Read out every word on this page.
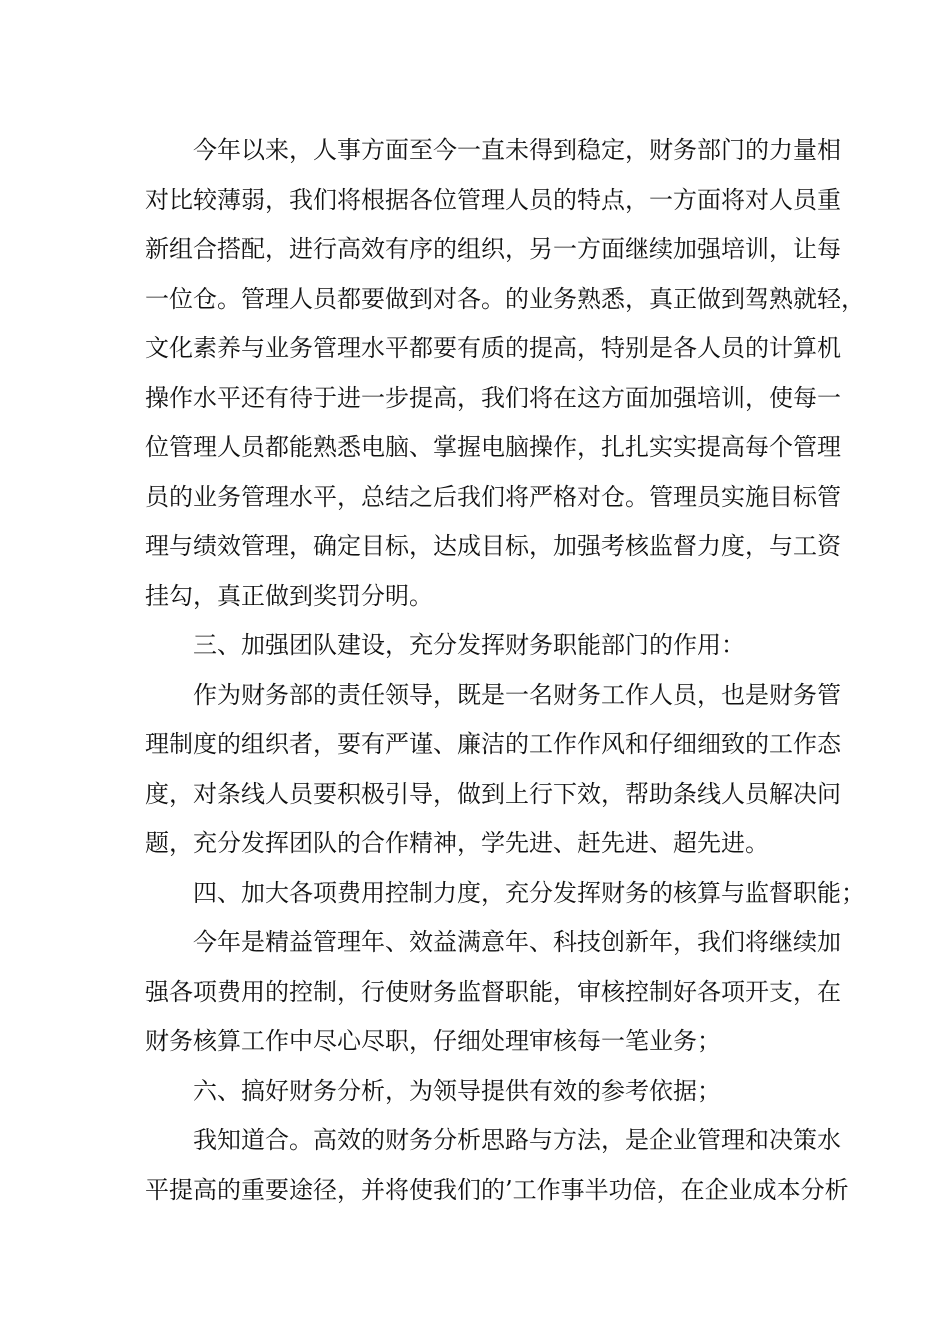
今年以来，人事方面至今一直未得到稳定，财务部门的力量相
对比较薄弱，我们将根据各位管理人员的特点，一方面将对人员重
新组合搭配，进行高效有序的组织，另一方面继续加强培训，让每
一位仓。管理人员都要做到对各。的业务熟悉，真正做到驾熟就轻，
文化素养与业务管理水平都要有质的提高，特别是各人员的计算机
操作水平还有待于进一步提高，我们将在这方面加强培训，使每一
位管理人员都能熟悉电脑、掌握电脑操作，扎扎实实提高每个管理
员的业务管理水平，总结之后我们将严格对仓。管理员实施目标管
理与绩效管理，确定目标，达成目标，加强考核监督力度，与工资
挂勾，真正做到奖罚分明。
三、加强团队建设，充分发挥财务职能部门的作用：
作为财务部的责任领导，既是一名财务工作人员，也是财务管
理制度的组织者，要有严谨、廉洁的工作作风和仔细细致的工作态
度，对条线人员要积极引导，做到上行下效，帮助条线人员解决问
题，充分发挥团队的合作精神，学先进、赶先进、超先进。
四、加大各项费用控制力度，充分发挥财务的核算与监督职能；
今年是精益管理年、效益满意年、科技创新年，我们将继续加
强各项费用的控制，行使财务监督职能，审核控制好各项开支，在
财务核算工作中尽心尽职，仔细处理审核每一笔业务；
六、搞好财务分析，为领导提供有效的参考依据；
我知道合。高效的财务分析思路与方法，是企业管理和决策水
平提高的重要途径，并将使我们的’工作事半功倍，在企业成本分析
